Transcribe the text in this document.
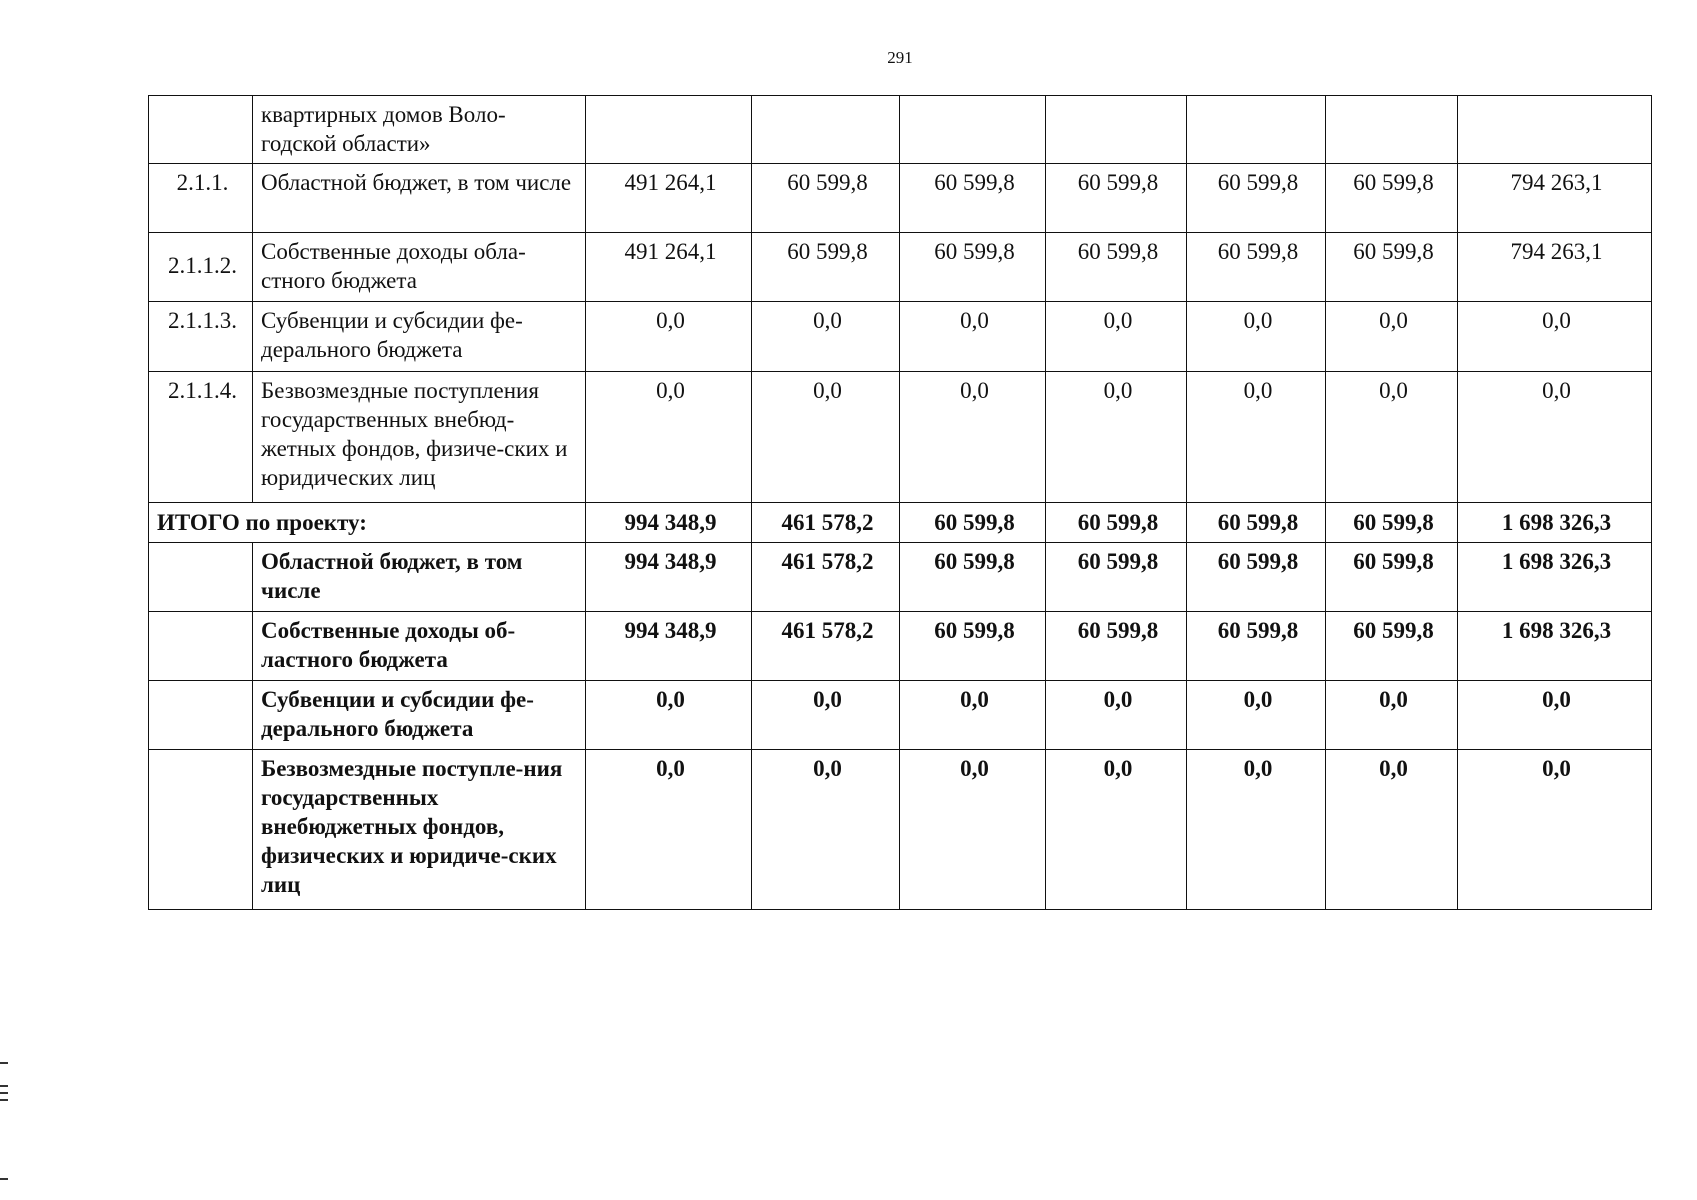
291
	квартирных домов Воло-годской области»							
2.1.1.	Областной бюджет, в том числе	491 264,1	60 599,8	60 599,8	60 599,8	60 599,8	60 599,8	794 263,1
2.1.1.2.	Собственные доходы обла-стного бюджета	491 264,1	60 599,8	60 599,8	60 599,8	60 599,8	60 599,8	794 263,1
2.1.1.3.	Субвенции и субсидии фе-дерального бюджета	0,0	0,0	0,0	0,0	0,0	0,0	0,0
2.1.1.4.	Безвозмездные поступления государственных внебюд-жетных фондов, физиче-ских и юридических лиц	0,0	0,0	0,0	0,0	0,0	0,0	0,0
ИТОГО по проекту:		994 348,9	461 578,2	60 599,8	60 599,8	60 599,8	60 599,8	1 698 326,3
	Областной бюджет, в том числе	994 348,9	461 578,2	60 599,8	60 599,8	60 599,8	60 599,8	1 698 326,3
	Собственные доходы об-ластного бюджета	994 348,9	461 578,2	60 599,8	60 599,8	60 599,8	60 599,8	1 698 326,3
	Субвенции и субсидии фе-дерального бюджета	0,0	0,0	0,0	0,0	0,0	0,0	0,0
	Безвозмездные поступле-ния государственных внебюджетных фондов, физических и юридиче-ских лиц	0,0	0,0	0,0	0,0	0,0	0,0	0,0
